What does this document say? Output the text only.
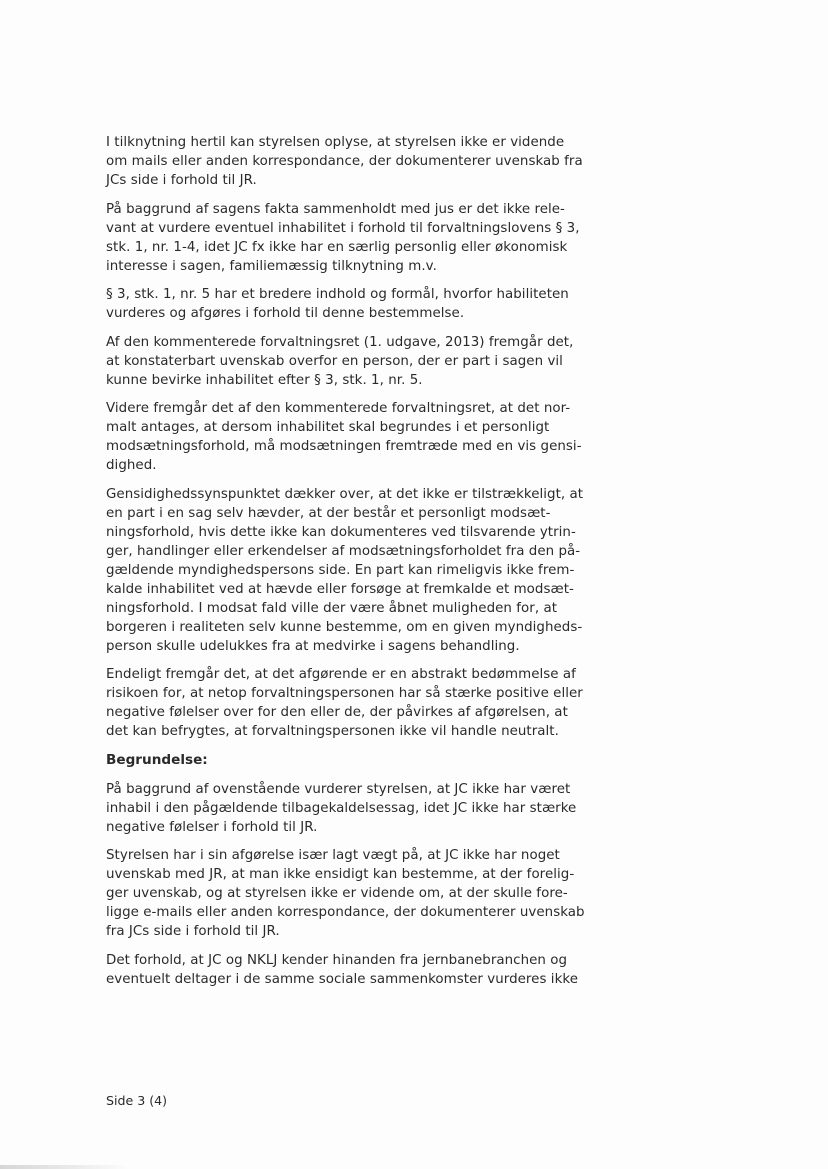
I tilknytning hertil kan styrelsen oplyse, at styrelsen ikke er vidende
om mails eller anden korrespondance, der dokumenterer uvenskab fra
JCs side i forhold til JR.
På baggrund af sagens fakta sammenholdt med jus er det ikke rele-
vant at vurdere eventuel inhabilitet i forhold til forvaltningslovens § 3,
stk. 1, nr. 1-4, idet JC fx ikke har en særlig personlig eller økonomisk
interesse i sagen, familiemæssig tilknytning m.v.
§ 3, stk. 1, nr. 5 har et bredere indhold og formål, hvorfor habiliteten
vurderes og afgøres i forhold til denne bestemmelse.
Af den kommenterede forvaltningsret (1. udgave, 2013) fremgår det,
at konstaterbart uvenskab overfor en person, der er part i sagen vil
kunne bevirke inhabilitet efter § 3, stk. 1, nr. 5.
Videre fremgår det af den kommenterede forvaltningsret, at det nor-
malt antages, at dersom inhabilitet skal begrundes i et personligt
modsætningsforhold, må modsætningen fremtræde med en vis gensi-
dighed.
Gensidighedssynspunktet dækker over, at det ikke er tilstrækkeligt, at
en part i en sag selv hævder, at der består et personligt modsæt-
ningsforhold, hvis dette ikke kan dokumenteres ved tilsvarende ytrin-
ger, handlinger eller erkendelser af modsætningsforholdet fra den på-
gældende myndighedspersons side. En part kan rimeligvis ikke frem-
kalde inhabilitet ved at hævde eller forsøge at fremkalde et modsæt-
ningsforhold. I modsat fald ville der være åbnet muligheden for, at
borgeren i realiteten selv kunne bestemme, om en given myndigheds-
person skulle udelukkes fra at medvirke i sagens behandling.
Endeligt fremgår det, at det afgørende er en abstrakt bedømmelse af
risikoen for, at netop forvaltningspersonen har så stærke positive eller
negative følelser over for den eller de, der påvirkes af afgørelsen, at
det kan befrygtes, at forvaltningspersonen ikke vil handle neutralt.
Begrundelse:
På baggrund af ovenstående vurderer styrelsen, at JC ikke har været
inhabil i den pågældende tilbagekaldelsessag, idet JC ikke har stærke
negative følelser i forhold til JR.
Styrelsen har i sin afgørelse især lagt vægt på, at JC ikke har noget
uvenskab med JR, at man ikke ensidigt kan bestemme, at der forelig-
ger uvenskab, og at styrelsen ikke er vidende om, at der skulle fore-
ligge e-mails eller anden korrespondance, der dokumenterer uvenskab
fra JCs side i forhold til JR.
Det forhold, at JC og NKLJ kender hinanden fra jernbanebranchen og
eventuelt deltager i de samme sociale sammenkomster vurderes ikke
Side 3 (4)
